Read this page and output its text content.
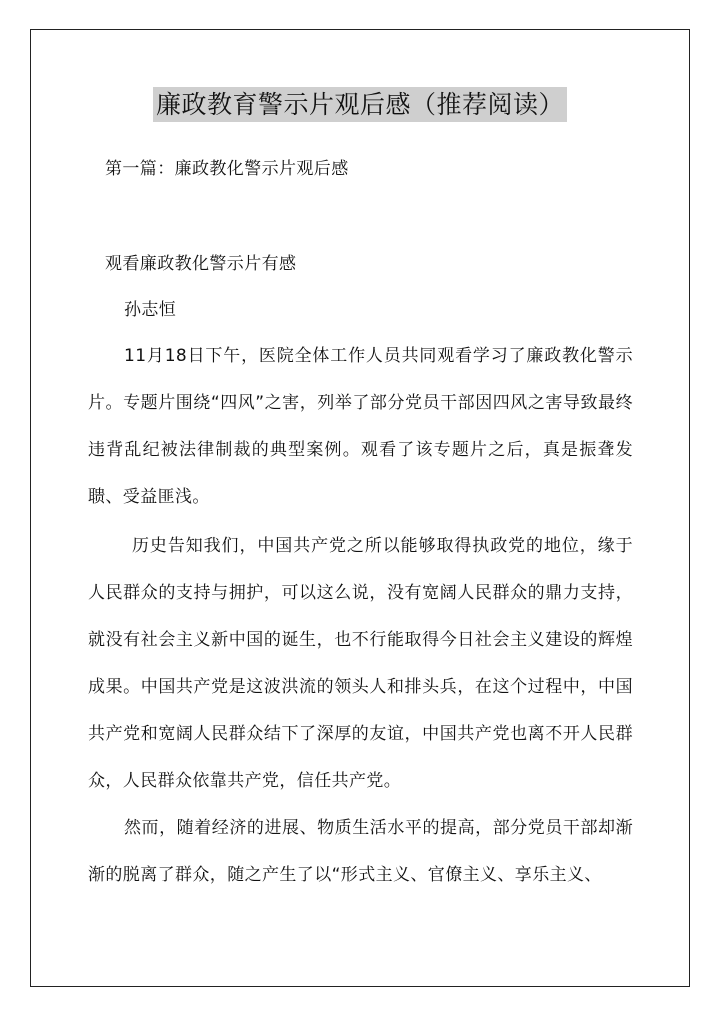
廉政教育警示片观后感（推荐阅读）
第一篇：廉政教化警示片观后感
观看廉政教化警示片有感
孙志恒

11月18日下午，医院全体工作人员共同观看学习了廉政教化警示片。专题片围绕“四风”之害，列举了部分党员干部因四风之害导致最终违背乱纪被法律制裁的典型案例。观看了该专题片之后，真是振聋发聩、受益匪浅。

历史告知我们，中国共产党之所以能够取得执政党的地位，缘于人民群众的支持与拥护，可以这么说，没有宽阔人民群众的鼎力支持，就没有社会主义新中国的诞生，也不行能取得今日社会主义建设的辉煌成果。中国共产党是这波洪流的领头人和排头兵，在这个过程中，中国共产党和宽阔人民群众结下了深厚的友谊，中国共产党也离不开人民群众，人民群众依靠共产党，信任共产党。

然而，随着经济的进展、物质生活水平的提高，部分党员干部却渐渐的脱离了群众，随之产生了以“形式主义、官僚主义、享乐主义、
